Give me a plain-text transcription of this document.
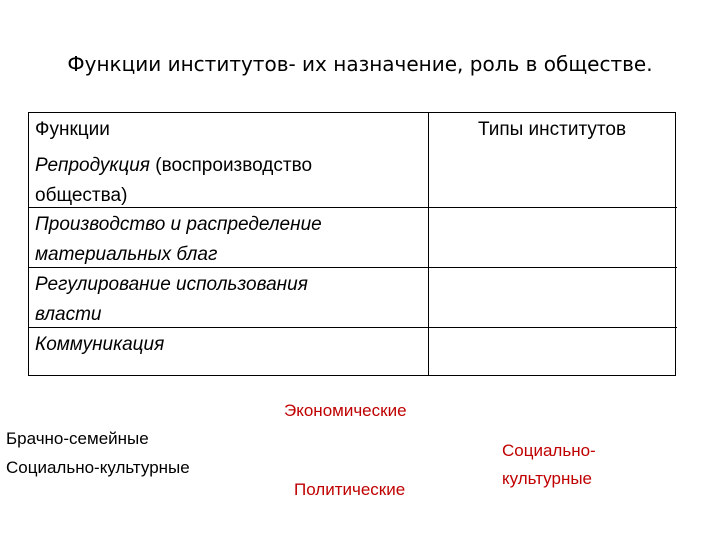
Функции институтов- их назначение, роль в обществе.
Функции	Типы институтов
Репродукция (воспроизводство
общества)
Производство и распределение
материальных благ
Регулирование использования
власти
Коммуникация
Экономические
Брачно-семейные
Социально-культурные
Политические
Социально-
культурные
